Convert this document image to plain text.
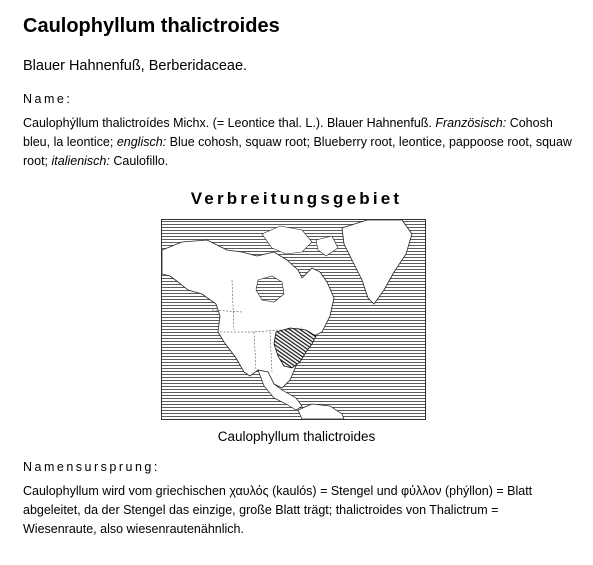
Caulophyllum thalictroides
Blauer Hahnenfuß, Berberidaceae.
Name:
Caulophýllum thalictroídes Michx. (= Leontice thal. L.). Blauer Hahnenfuß. Französisch: Cohosh bleu, la leontice; englisch: Blue cohosh, squaw root; Blueberry root, leontice, pappoose root, squaw root; italienisch: Caulofillo.
Verbreitungsgebiet
Caulophyllum thalictroides
Namensursprung:
Caulophyllum wird vom griechischen χαυλός (kaulós) = Stengel und φύλλον (phýllon) = Blatt abgeleitet, da der Stengel das einzige, große Blatt trägt; thalictroides von Thalictrum = Wiesenraute, also wiesenrautenähnlich.
